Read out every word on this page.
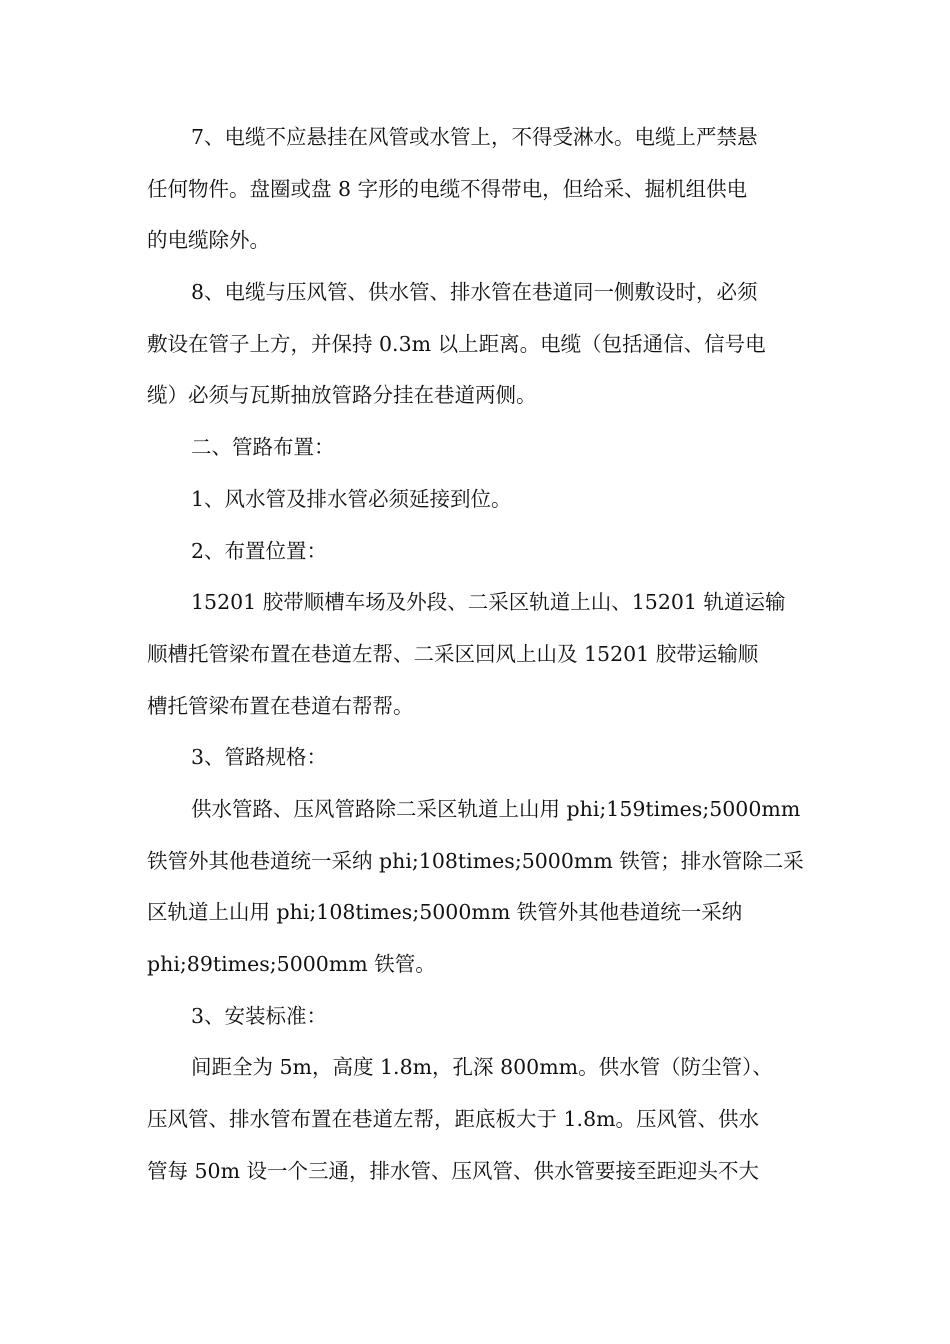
7、电缆不应悬挂在风管或水管上，不得受淋水。电缆上严禁悬
任何物件。盘圈或盘 8 字形的电缆不得带电，但给采、掘机组供电
的电缆除外。
8、电缆与压风管、供水管、排水管在巷道同一侧敷设时，必须
敷设在管子上方，并保持 0.3m 以上距离。电缆（包括通信、信号电
缆）必须与瓦斯抽放管路分挂在巷道两侧。
二、管路布置：
1、风水管及排水管必须延接到位。
2、布置位置：
15201 胶带顺槽车场及外段、二采区轨道上山、15201 轨道运输
顺槽托管梁布置在巷道左帮、二采区回风上山及 15201 胶带运输顺
槽托管梁布置在巷道右帮帮。
3、管路规格：
供水管路、压风管路除二采区轨道上山用 phi;159times;5000mm
铁管外其他巷道统一采纳 phi;108times;5000mm 铁管；排水管除二采
区轨道上山用 phi;108times;5000mm 铁管外其他巷道统一采纳
phi;89times;5000mm 铁管。
3、安装标准：
间距全为 5m，高度 1.8m，孔深 800mm。供水管（防尘管）、
压风管、排水管布置在巷道左帮，距底板大于 1.8m。压风管、供水
管每 50m 设一个三通，排水管、压风管、供水管要接至距迎头不大
